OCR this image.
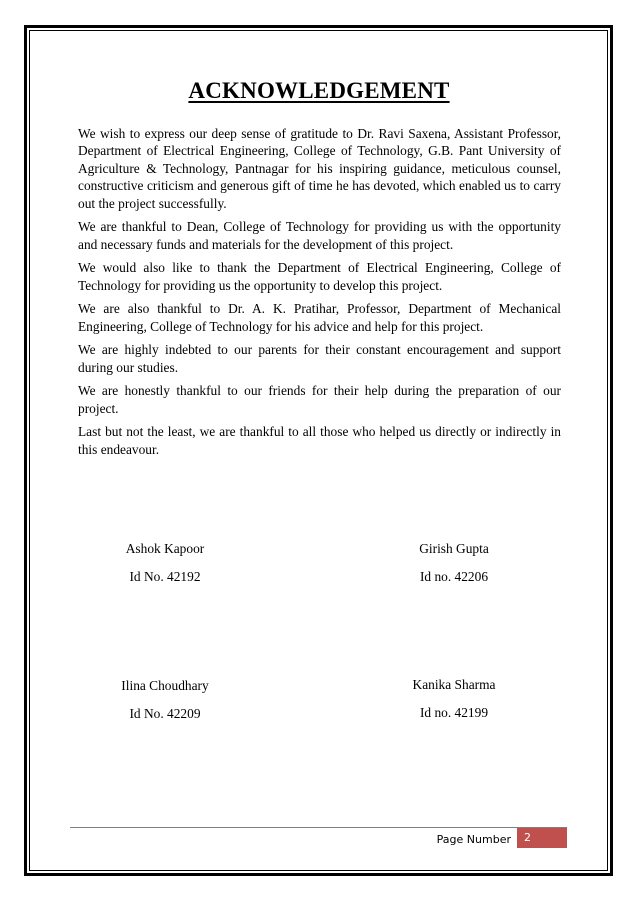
ACKNOWLEDGEMENT

We wish to express our deep sense of gratitude to Dr. Ravi Saxena, Assistant Professor, Department of Electrical Engineering, College of Technology, G.B. Pant University of Agriculture & Technology, Pantnagar for his inspiring guidance, meticulous counsel, constructive criticism and generous gift of time he has devoted, which enabled us to carry out the project successfully.

We are thankful to Dean, College of Technology for providing us with the opportunity and necessary funds and materials for the development of this project.

We would also like to thank the Department of Electrical Engineering, College of Technology for providing us the opportunity to develop this project.

We are also thankful to Dr. A. K. Pratihar, Professor, Department of Mechanical Engineering, College of Technology for his advice and help for this project.

We are highly indebted to our parents for their constant encouragement and support during our studies.

We are honestly thankful to our friends for their help during the preparation of our project.

Last but not the least, we are thankful to all those who helped us directly or indirectly in this endeavour.

Ashok Kapoor
Id No. 42192
Girish Gupta
Id no. 42206
Ilina Choudhary
Id No. 42209
Kanika Sharma
Id no. 42199
Page Number	2
